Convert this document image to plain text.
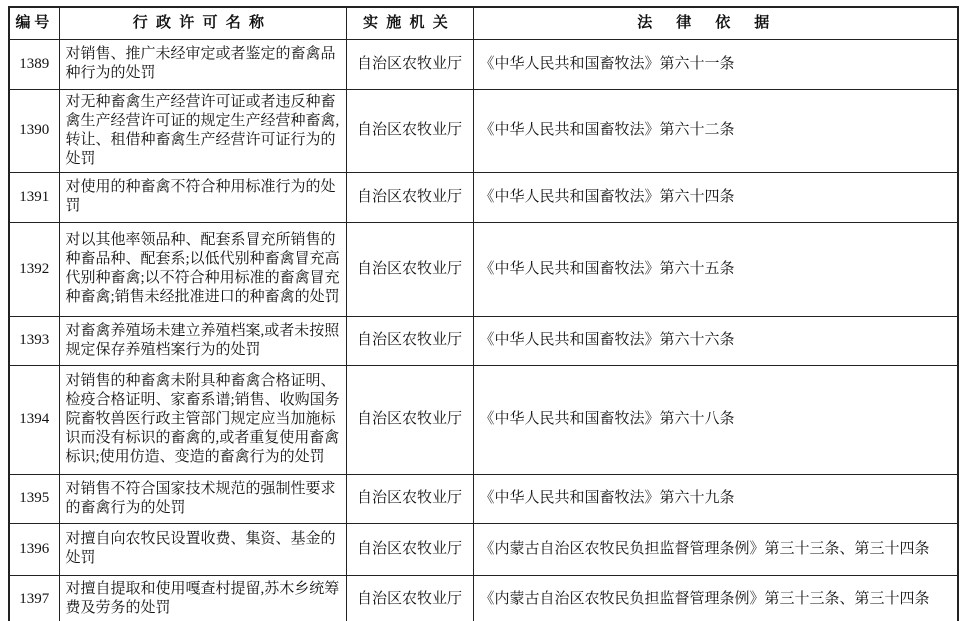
编号	行政许可名称	实施机关	法律依据
1389	对销售、推广未经审定或者鉴定的畜禽品种行为的处罚	自治区农牧业厅	《中华人民共和国畜牧法》第六十一条
1390	对无种畜禽生产经营许可证或者违反种畜禽生产经营许可证的规定生产经营种畜禽,转让、租借种畜禽生产经营许可证行为的处罚	自治区农牧业厅	《中华人民共和国畜牧法》第六十二条
1391	对使用的种畜禽不符合种用标准行为的处罚	自治区农牧业厅	《中华人民共和国畜牧法》第六十四条
1392	对以其他率领品种、配套系冒充所销售的种畜品种、配套系;以低代别种畜禽冒充高代别种畜禽;以不符合种用标准的畜禽冒充种畜禽;销售未经批准进口的种畜禽的处罚	自治区农牧业厅	《中华人民共和国畜牧法》第六十五条
1393	对畜禽养殖场未建立养殖档案,或者未按照规定保存养殖档案行为的处罚	自治区农牧业厅	《中华人民共和国畜牧法》第六十六条
1394	对销售的种畜禽未附具种畜禽合格证明、检疫合格证明、家畜系谱;销售、收购国务院畜牧兽医行政主管部门规定应当加施标识而没有标识的畜禽的,或者重复使用畜禽标识;使用仿造、变造的畜禽行为的处罚	自治区农牧业厅	《中华人民共和国畜牧法》第六十八条
1395	对销售不符合国家技术规范的强制性要求的畜禽行为的处罚	自治区农牧业厅	《中华人民共和国畜牧法》第六十九条
1396	对擅自向农牧民设置收费、集资、基金的处罚	自治区农牧业厅	《内蒙古自治区农牧民负担监督管理条例》第三十三条、第三十四条
1397	对擅自提取和使用嘎查村提留,苏木乡统筹费及劳务的处罚	自治区农牧业厅	《内蒙古自治区农牧民负担监督管理条例》第三十三条、第三十四条
